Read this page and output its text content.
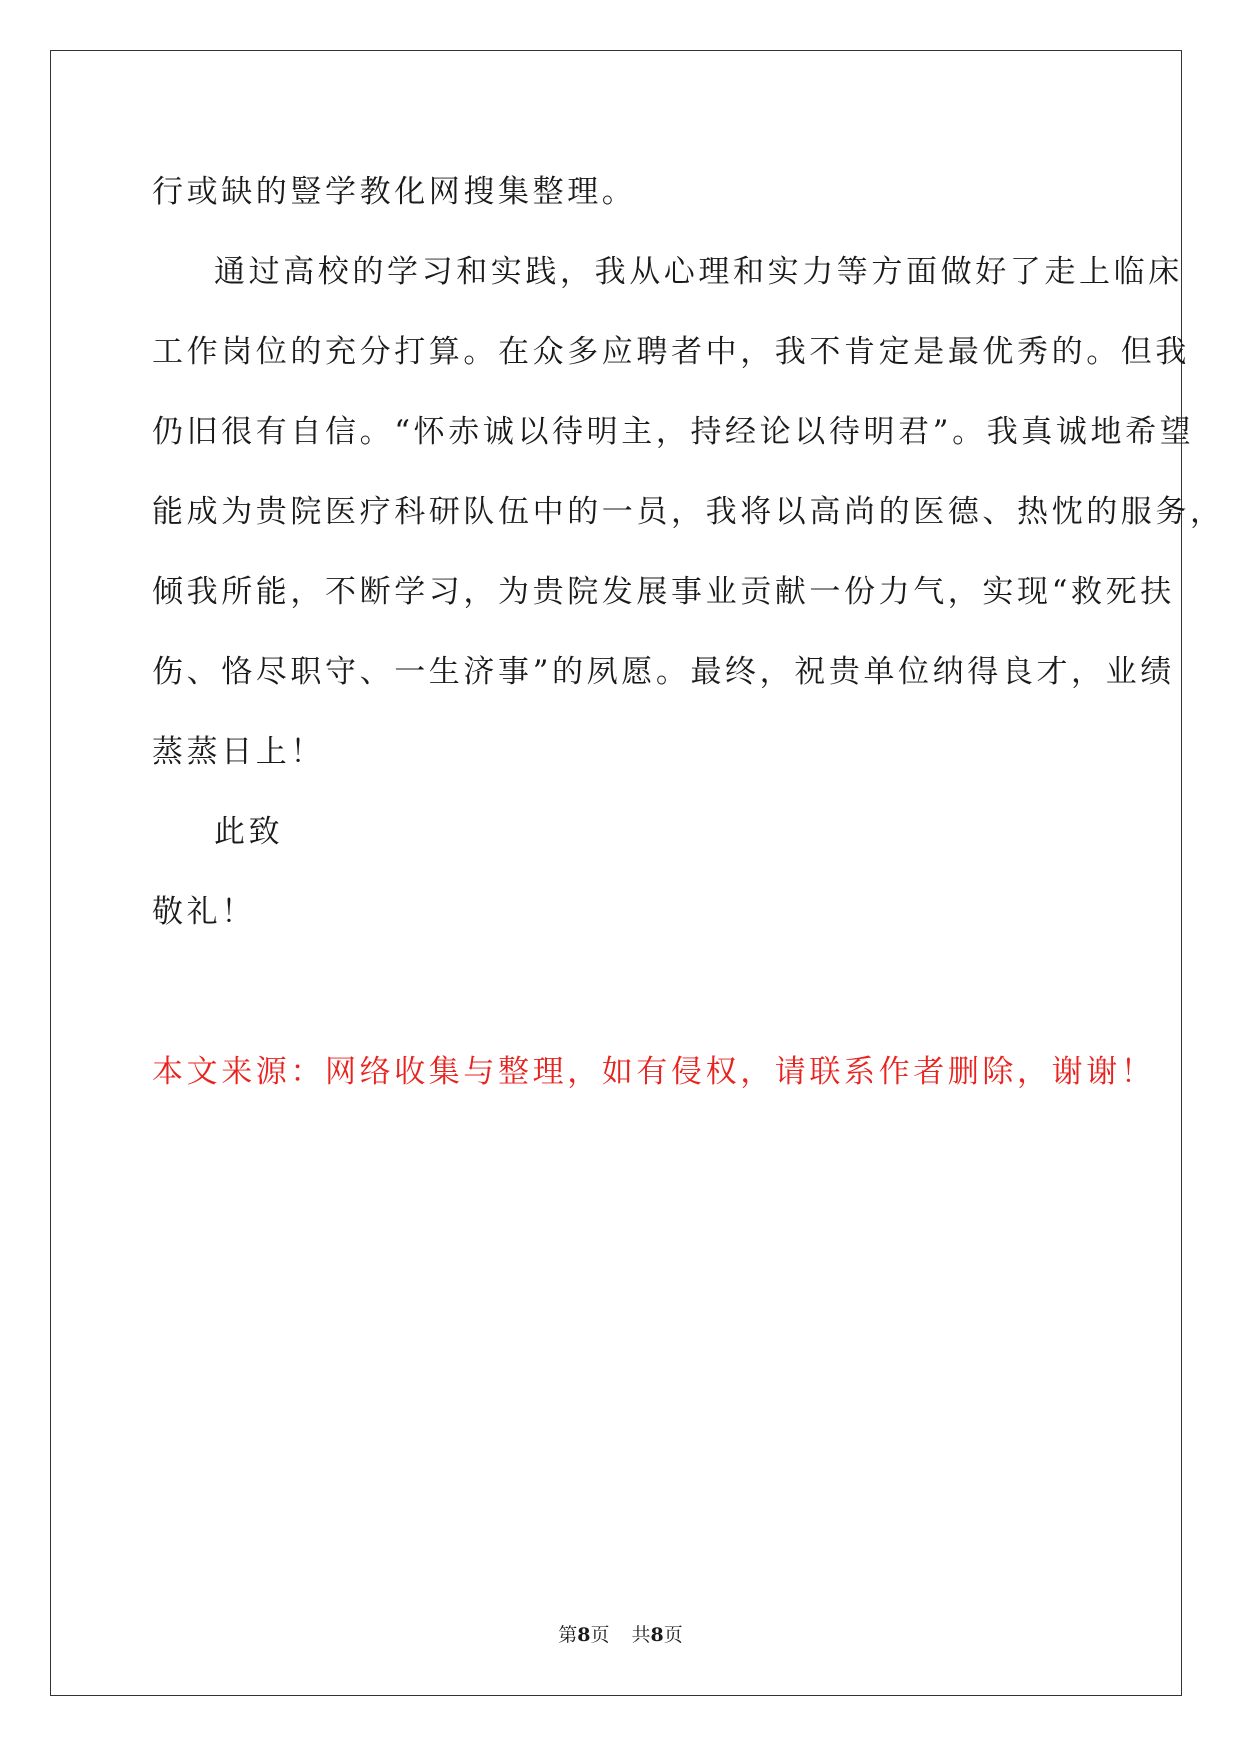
行或缺的豎学教化网搜集整理。
通过高校的学习和实践，我从心理和实力等方面做好了走上临床
工作岗位的充分打算。在众多应聘者中，我不肯定是最优秀的。但我
仍旧很有自信。“怀赤诚以待明主，持经论以待明君”。我真诚地希望
能成为贵院医疗科研队伍中的一员，我将以高尚的医德、热忱的服务，
倾我所能，不断学习，为贵院发展事业贡献一份力气，实现“救死扶
伤、恪尽职守、一生济事”的夙愿。最终，祝贵单位纳得良才，业绩
蒸蒸日上！
此致
敬礼！
本文来源：网络收集与整理，如有侵权，请联系作者删除，谢谢！
第8页 共8页
